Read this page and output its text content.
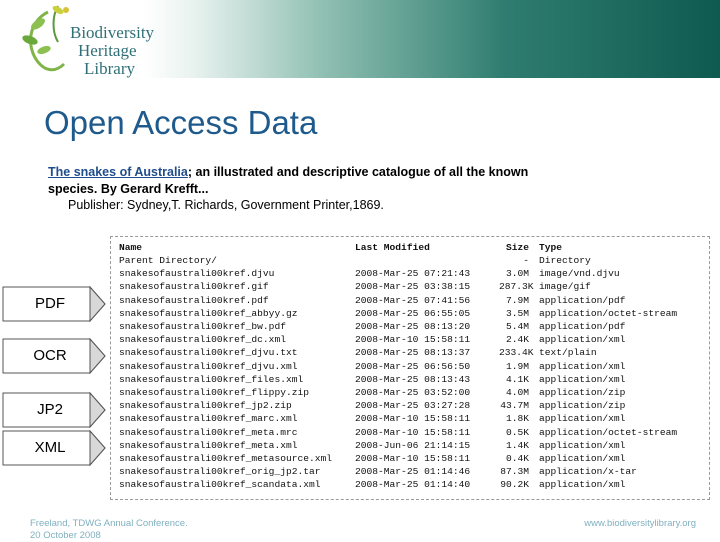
Biodiversity
Heritage
Library
Open Access Data
The snakes of Australia; an illustrated and descriptive catalogue of all the known species. By Gerard Krefft...
Publisher: Sydney,T. Richards, Government Printer,1869.
Name	Last Modified	Size Type
Parent Directory/	- Directory
snakesofaustrali00kref.djvu	2008-Mar-25 07:21:43	3.0M image/vnd.djvu
snakesofaustrali00kref.gif	2008-Mar-25 03:38:15	287.3K image/gif
snakesofaustrali00kref.pdf	2008-Mar-25 07:41:56	7.9M application/pdf
snakesofaustrali00kref_abbyy.gz	2008-Mar-25 06:55:05	3.5M application/octet-stream
snakesofaustrali00kref_bw.pdf	2008-Mar-25 08:13:20	5.4M application/pdf
snakesofaustrali00kref_dc.xml	2008-Mar-10 15:58:11	2.4K application/xml
snakesofaustrali00kref_djvu.txt	2008-Mar-25 08:13:37	233.4K text/plain
snakesofaustrali00kref_djvu.xml	2008-Mar-25 06:56:50	1.9M application/xml
snakesofaustrali00kref_files.xml	2008-Mar-25 08:13:43	4.1K application/xml
snakesofaustrali00kref_flippy.zip	2008-Mar-25 03:52:00	4.0M application/zip
snakesofaustrali00kref_jp2.zip	2008-Mar-25 03:27:28	43.7M application/zip
snakesofaustrali00kref_marc.xml	2008-Mar-10 15:58:11	1.8K application/xml
snakesofaustrali00kref_meta.mrc	2008-Mar-10 15:58:11	0.5K application/octet-stream
snakesofaustrali00kref_meta.xml	2008-Jun-06 21:14:15	1.4K application/xml
snakesofaustrali00kref_metasource.xml 2008-Mar-10 15:58:11	0.4K application/xml
snakesofaustrali00kref_orig_jp2.tar	2008-Mar-25 01:14:46	87.3M application/x-tar
snakesofaustrali00kref_scandata.xml	2008-Mar-25 01:14:40	90.2K application/xml
PDF
OCR
JP2
XML
Freeland, TDWG Annual Conference.
20 October 2008
www.biodiversitylibrary.org
